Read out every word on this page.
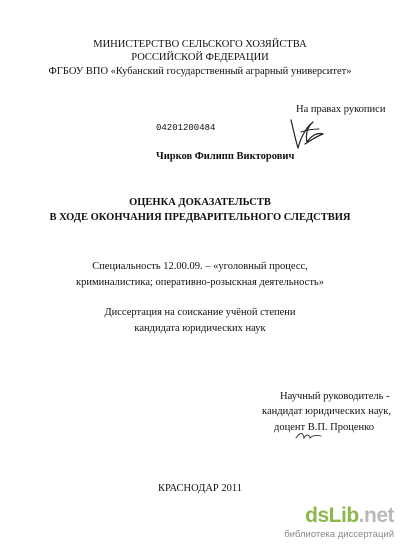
МИНИСТЕРСТВО СЕЛЬСКОГО ХОЗЯЙСТВА
РОССИЙСКОЙ ФЕДЕРАЦИИ
ФГБОУ ВПО «Кубанский государственный аграрный университет»
На правах рукописи
04201200484
Чирков Филипп Викторович
ОЦЕНКА ДОКАЗАТЕЛЬСТВ
В ХОДЕ ОКОНЧАНИЯ ПРЕДВАРИТЕЛЬНОГО СЛЕДСТВИЯ
Специальность 12.00.09. – «уголовный процесс,
криминалистика; оперативно-розыскная деятельность»
Диссертация на соискание учёной степени
кандидата юридических наук
Научный руководитель -
кандидат юридических наук,
доцент В.П. Проценко
КРАСНОДАР 2011
dsLib.net
библиотека диссертаций
